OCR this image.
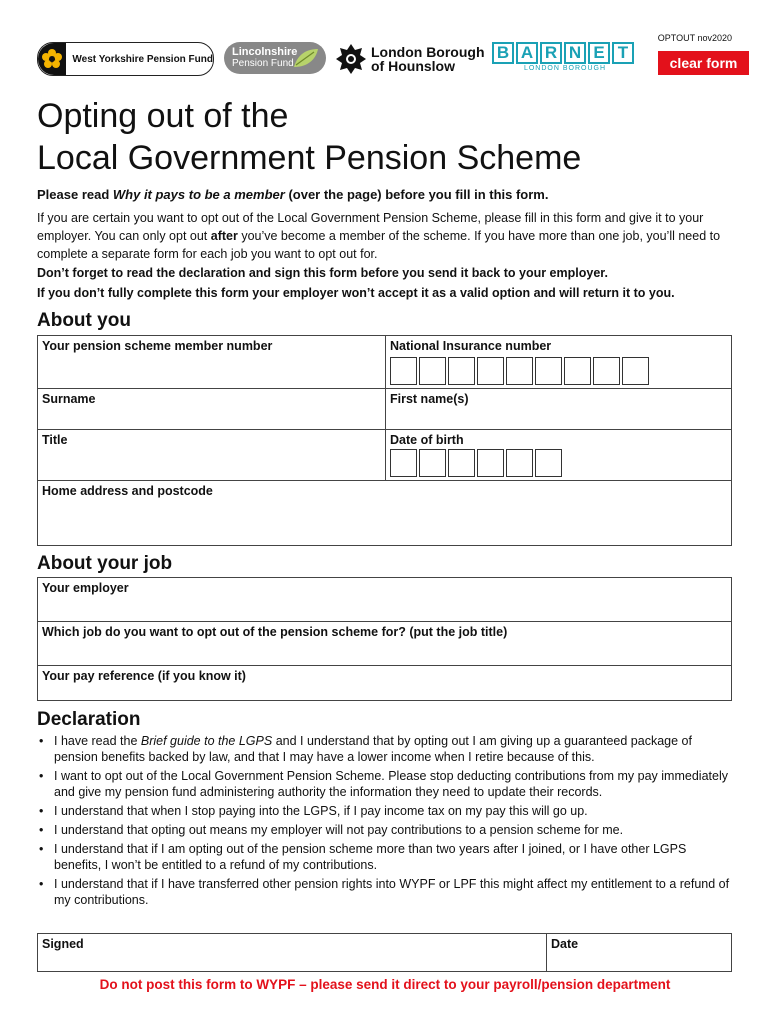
West Yorkshire Pension Fund
Lincolnshire
Pension Fund
London Borough
of Hounslow
B A R N E T
LONDON BOROUGH
OPTOUT nov2020
clear form
Opting out of the
Local Government Pension Scheme

Please read Why it pays to be a member (over the page) before you fill in this form.

If you are certain you want to opt out of the Local Government Pension Scheme, please fill in this form and give it to your employer. You can only opt out after you’ve become a member of the scheme. If you have more than one job, you’ll need to complete a separate form for each job you want to opt out for.

Don’t forget to read the declaration and sign this form before you send it back to your employer.

If you don’t fully complete this form your employer won’t accept it as a valid option and will return it to you.

About you
Your pension scheme member number	National Insurance number

Surname	First name(s)
Title	Date of birth

Home address and postcode	
About your job
Your employer
Which job do you want to opt out of the pension scheme for? (put the job title)
Your pay reference (if you know it)
Declaration
• I have read the Brief guide to the LGPS and I understand that by opting out I am giving up a guaranteed package of pension benefits backed by law, and that I may have a lower income when I retire because of this.
• I want to opt out of the Local Government Pension Scheme. Please stop deducting contributions from my pay immediately and give my pension fund administering authority the information they need to update their records.
• I understand that when I stop paying into the LGPS, if I pay income tax on my pay this will go up.
• I understand that opting out means my employer will not pay contributions to a pension scheme for me.
• I understand that if I am opting out of the pension scheme more than two years after I joined, or I have other LGPS benefits, I won’t be entitled to a refund of my contributions.
• I understand that if I have transferred other pension rights into WYPF or LPF this might affect my entitlement to a refund of my contributions.
Signed	Date
Do not post this form to WYPF – please send it direct to your payroll/pension department
